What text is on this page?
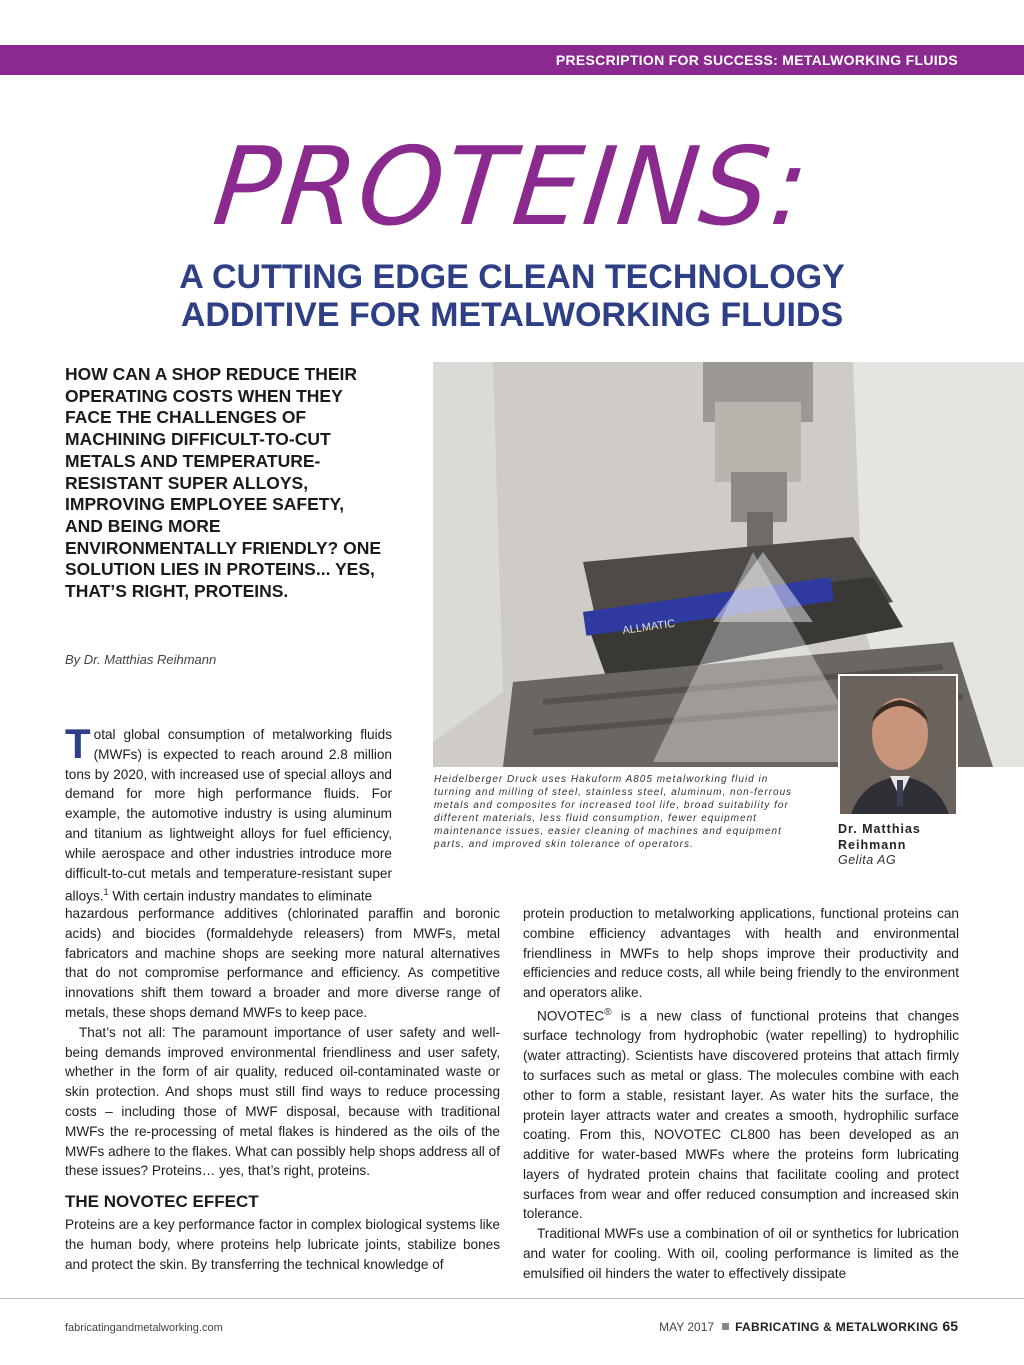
PRESCRIPTION FOR SUCCESS: METALWORKING FLUIDS
PROTEINS:
A CUTTING EDGE CLEAN TECHNOLOGY
ADDITIVE FOR METALWORKING FLUIDS
HOW CAN A SHOP REDUCE THEIR OPERATING COSTS WHEN THEY FACE THE CHALLENGES OF MACHINING DIFFICULT-TO-CUT METALS AND TEMPERATURE-RESISTANT SUPER ALLOYS, IMPROVING EMPLOYEE SAFETY, AND BEING MORE ENVIRONMENTALLY FRIENDLY? ONE SOLUTION LIES IN PROTEINS... YES, THAT’S RIGHT, PROTEINS.
By Dr. Matthias Reihmann
ALLMATIC
Heidelberger Druck uses Hakuform A805 metalworking fluid in turning and milling of steel, stainless steel, aluminum, non-ferrous metals and composites for increased tool life, broad suitability for different materials, less fluid consumption, fewer equipment maintenance issues, easier cleaning of machines and equipment parts, and improved skin tolerance of operators.
Dr. Matthias Reihmann
Gelita AG
Total global consumption of metalworking fluids (MWFs) is expected to reach around 2.8 million tons by 2020, with increased use of special alloys and demand for more high performance fluids. For example, the automotive industry is using aluminum and titanium as lightweight alloys for fuel efficiency, while aerospace and other industries introduce more difficult-to-cut metals and temperature-resistant super alloys.$^1$ With certain industry mandates to eliminate

hazardous performance additives (chlorinated paraffin and boronic acids) and biocides (formaldehyde releasers) from MWFs, metal fabricators and machine shops are seeking more natural alternatives that do not compromise performance and efficiency. As competitive innovations shift them toward a broader and more diverse range of metals, these shops demand MWFs to keep pace.

That’s not all: The paramount importance of user safety and well-being demands improved environmental friendliness and user safety, whether in the form of air quality, reduced oil-contaminated waste or skin protection. And shops must still find ways to reduce processing costs – including those of MWF disposal, because with traditional MWFs the re-processing of metal flakes is hindered as the oils of the MWFs adhere to the flakes. What can possibly help shops address all of these issues? Proteins… yes, that’s right, proteins.

THE NOVOTEC EFFECT

Proteins are a key performance factor in complex biological systems like the human body, where proteins help lubricate joints, stabilize bones and protect the skin. By transferring the technical knowledge of

protein production to metalworking applications, functional proteins can combine efficiency advantages with health and environmental friendliness in MWFs to help shops improve their productivity and efficiencies and reduce costs, all while being friendly to the environment and operators alike.

NOVOTEC® is a new class of functional proteins that changes surface technology from hydrophobic (water repelling) to hydrophilic (water attracting). Scientists have discovered proteins that attach firmly to surfaces such as metal or glass. The molecules combine with each other to form a stable, resistant layer. As water hits the surface, the protein layer attracts water and creates a smooth, hydrophilic surface coating. From this, NOVOTEC CL800 has been developed as an additive for water-based MWFs where the proteins form lubricating layers of hydrated protein chains that facilitate cooling and protect surfaces from wear and offer reduced consumption and increased skin tolerance.

Traditional MWFs use a combination of oil or synthetics for lubrication and water for cooling. With oil, cooling performance is limited as the emulsified oil hinders the water to effectively dissipate

fabricatingandmetalworking.com	MAY 2017 FABRICATING & METALWORKING 65
